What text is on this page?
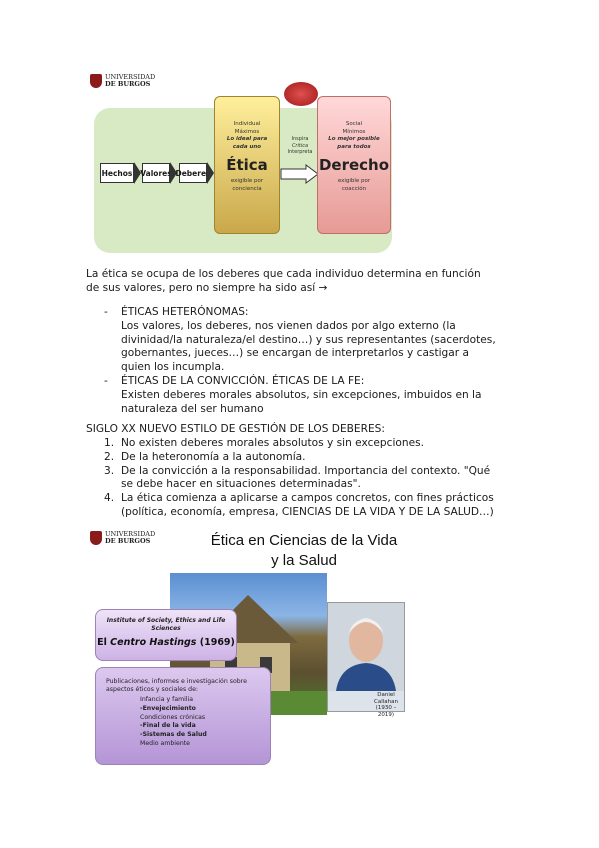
UNIVERSIDAD
DE BURGOS
Hechos Valores Deberes
Individual
Máximos
Lo ideal para
cada uno
Ética
exigible por
conciencia
Inspira
Critica
Interpreta
Social
Mínimos
Lo mejor posible
para todos
Derecho
exigible por
coacción
La ética se ocupa de los deberes que cada individuo determina en función
de sus valores, pero no siempre ha sido así →
- ÉTICAS HETERÓNOMAS:
Los valores, los deberes, nos vienen dados por algo externo (la
divinidad/la naturaleza/el destino…) y sus representantes (sacerdotes,
gobernantes, jueces…) se encargan de interpretarlos y castigar a
quien los incumpla.
- ÉTICAS DE LA CONVICCIÓN. ÉTICAS DE LA FE:
Existen deberes morales absolutos, sin excepciones, imbuidos en la
naturaleza del ser humano
SIGLO XX NUEVO ESTILO DE GESTIÓN DE LOS DEBERES:
1. No existen deberes morales absolutos y sin excepciones.
2. De la heteronomía a la autonomía.
3. De la convicción a la responsabilidad. Importancia del contexto. "Qué
se debe hacer en situaciones determinadas".
4. La ética comienza a aplicarse a campos concretos, con fines prácticos
(política, economía, empresa, CIENCIAS DE LA VIDA Y DE LA SALUD…)
UNIVERSIDAD
DE BURGOS	Ética en Ciencias de la Vida
y la Salud
Daniel
Callahan
(1930 – 2019)
Institute of Society, Ethics and Life
Sciences
El Centro Hastings (1969)
Publicaciones, informes e investigación sobre
aspectos éticos y sociales de:
Infancia y familia
-Envejecimiento
Condiciones crónicas
-Final de la vida
-Sistemas de Salud
Medio ambiente
